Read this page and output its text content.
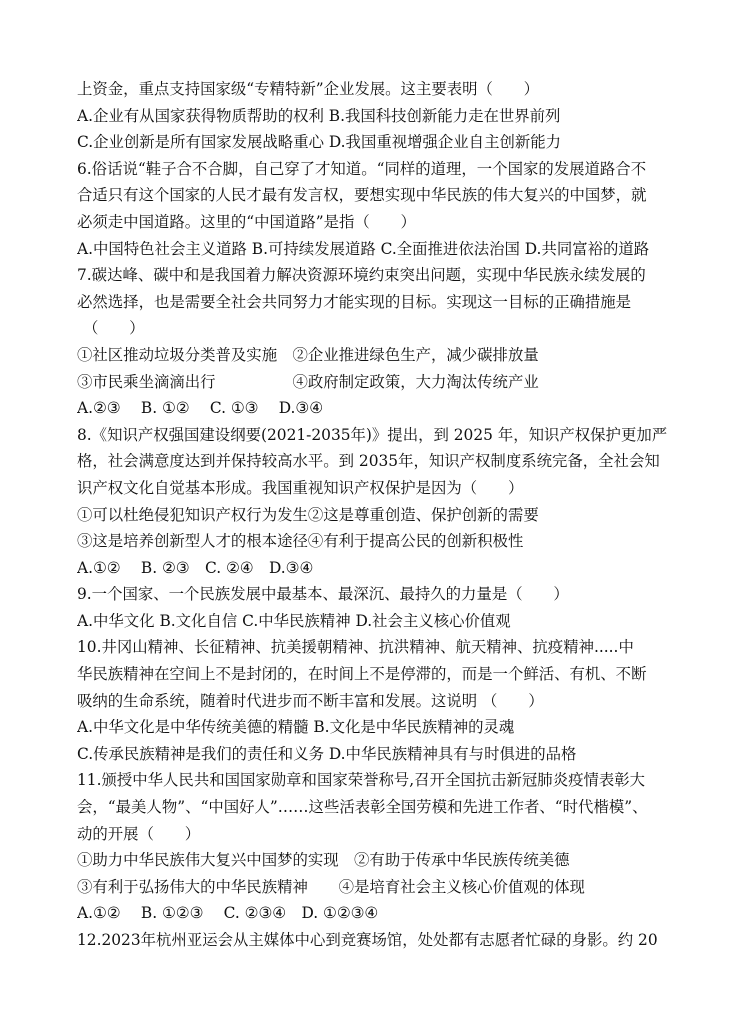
上资金，重点支持国家级“专精特新”企业发展。这主要表明（　　）
A.企业有从国家获得物质帮助的权利 B.我国科技创新能力走在世界前列
C.企业创新是所有国家发展战略重心 D.我国重视增强企业自主创新能力
6.俗话说“鞋子合不合脚，自己穿了才知道。“同样的道理，一个国家的发展道路合不
合适只有这个国家的人民才最有发言权，要想实现中华民族的伟大复兴的中国梦，就
必须走中国道路。这里的“中国道路”是指（　　）
A.中国特色社会主义道路 B.可持续发展道路 C.全面推进依法治国 D.共同富裕的道路
7.碳达峰、碳中和是我国着力解决资源环境约束突出问题，实现中华民族永续发展的
必然选择，也是需要全社会共同努力才能实现的目标。实现这一目标的正确措施是
（　　）
①社区推动垃圾分类普及实施　②企业推进绿色生产，减少碳排放量
③市民乘坐滴滴出行　　　　　④政府制定政策，大力淘汰传统产业
A.②③　 B. ①②　 C. ①③　 D.③④
8.《知识产权强国建设纲要(2021-2035年)》提出，到 2025 年，知识产权保护更加严
格，社会满意度达到并保持较高水平。到 2035年，知识产权制度系统完备，全社会知
识产权文化自觉基本形成。我国重视知识产权保护是因为（　　）
①可以杜绝侵犯知识产权行为发生②这是尊重创造、保护创新的需要
③这是培养创新型人才的根本途径④有利于提高公民的创新积极性
A.①②　 B. ②③　C. ②④　D.③④
9.一个国家、一个民族发展中最基本、最深沉、最持久的力量是（　　）
A.中华文化 B.文化自信 C.中华民族精神 D.社会主义核心价值观
10.井冈山精神、长征精神、抗美援朝精神、抗洪精神、航天精神、抗疫精神.....中
华民族精神在空间上不是封闭的，在时间上不是停滞的，而是一个鲜活、有机、不断
吸纳的生命系统，随着时代进步而不断丰富和发展。这说明 （　　）
A.中华文化是中华传统美德的精髓 B.文化是中华民族精神的灵魂
C.传承民族精神是我们的责任和义务 D.中华民族精神具有与时俱进的品格
11.颁授中华人民共和国国家勋章和国家荣誉称号,召开全国抗击新冠肺炎疫情表彰大
会，“最美人物”、“中国好人”……这些活表彰全国劳模和先进工作者、“时代楷模”、
动的开展（　　）
①助力中华民族伟大复兴中国梦的实现　②有助于传承中华民族传统美德
③有利于弘扬伟大的中华民族精神　　④是培育社会主义核心价值观的体现
A.①②　 B. ①②③　 C. ②③④　D. ①②③④
12.2023年杭州亚运会从主媒体中心到竞赛场馆，处处都有志愿者忙碌的身影。约 20
